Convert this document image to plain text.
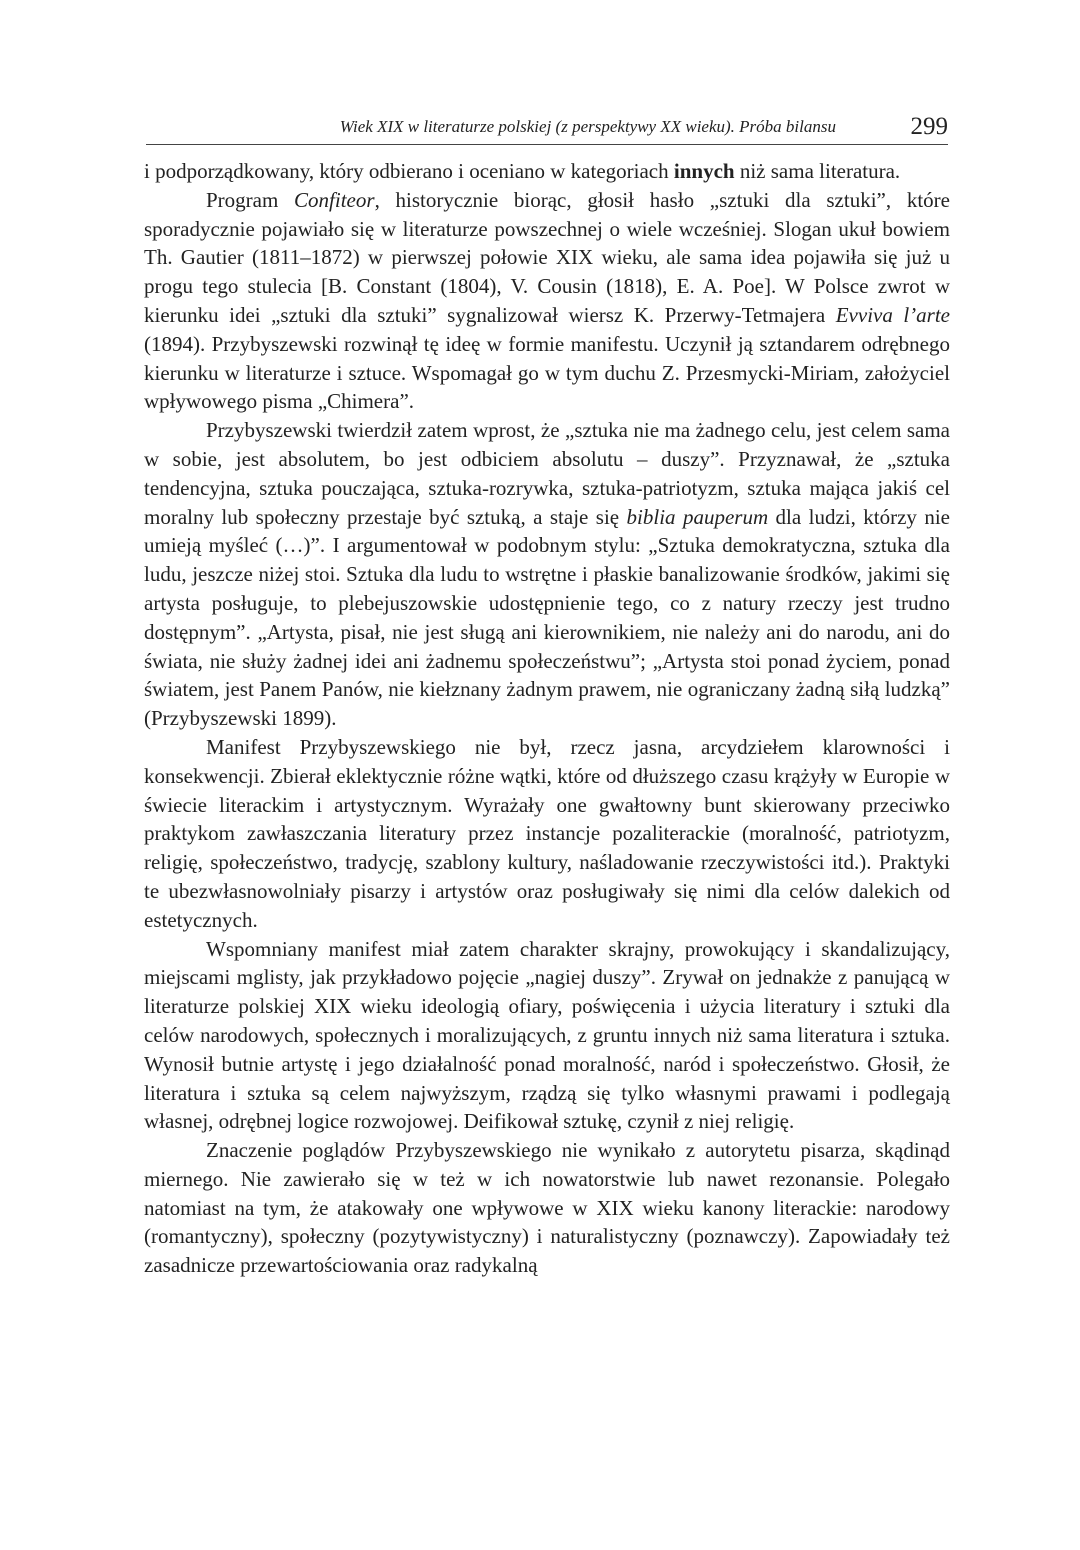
Wiek XIX w literaturze polskiej (z perspektywy XX wieku). Próba bilansu	299

i podporządkowany, który odbierano i oceniano w kategoriach innych niż sama literatura.

Program Confiteor, historycznie biorąc, głosił hasło „sztuki dla sztuki”, które sporadycznie pojawiało się w literaturze powszechnej o wiele wcześniej. Slogan ukuł bowiem Th. Gautier (1811–1872) w pierwszej połowie XIX wieku, ale sama idea pojawiła się już u progu tego stulecia [B. Constant (1804), V. Cousin (1818), E. A. Poe]. W Polsce zwrot w kierunku idei „sztuki dla sztuki” sygnalizował wiersz K. Przerwy-Tetmajera Evviva l’arte (1894). Przybyszewski rozwinął tę ideę w formie manifestu. Uczynił ją sztandarem odrębnego kierunku w literaturze i sztuce. Wspomagał go w tym duchu Z. Przesmycki-Miriam, założyciel wpływowego pisma „Chimera”.

Przybyszewski twierdził zatem wprost, że „sztuka nie ma żadnego celu, jest celem sama w sobie, jest absolutem, bo jest odbiciem absolutu – duszy”. Przyznawał, że „sztuka tendencyjna, sztuka pouczająca, sztuka-rozrywka, sztuka-patriotyzm, sztuka mająca jakiś cel moralny lub społeczny przestaje być sztuką, a staje się biblia pauperum dla ludzi, którzy nie umieją myśleć (…)”. I argumentował w podobnym stylu: „Sztuka demokratyczna, sztuka dla ludu, jeszcze niżej stoi. Sztuka dla ludu to wstrętne i płaskie banalizowanie środków, jakimi się artysta posługuje, to plebejuszowskie udostępnienie tego, co z natury rzeczy jest trudno dostępnym”. „Artysta, pisał, nie jest sługą ani kierownikiem, nie należy ani do narodu, ani do świata, nie służy żadnej idei ani żadnemu społeczeństwu”; „Artysta stoi ponad życiem, ponad światem, jest Panem Panów, nie kiełznany żadnym prawem, nie ograniczany żadną siłą ludzką” (Przybyszewski 1899).

Manifest Przybyszewskiego nie był, rzecz jasna, arcydziełem klarowności i konsekwencji. Zbierał eklektycznie różne wątki, które od dłuższego czasu krążyły w Europie w świecie literackim i artystycznym. Wyrażały one gwałtowny bunt skierowany przeciwko praktykom zawłaszczania literatury przez instancje pozaliterackie (moralność, patriotyzm, religię, społeczeństwo, tradycję, szablony kultury, naśladowanie rzeczywistości itd.). Praktyki te ubezwłasnowolniały pisarzy i artystów oraz posługiwały się nimi dla celów dalekich od estetycznych.

Wspomniany manifest miał zatem charakter skrajny, prowokujący i skandalizujący, miejscami mglisty, jak przykładowo pojęcie „nagiej duszy”. Zrywał on jednakże z panującą w literaturze polskiej XIX wieku ideologią ofiary, poświęcenia i użycia literatury i sztuki dla celów narodowych, społecznych i moralizujących, z gruntu innych niż sama literatura i sztuka. Wynosił butnie artystę i jego działalność ponad moralność, naród i społeczeństwo. Głosił, że literatura i sztuka są celem najwyższym, rządzą się tylko własnymi prawami i podlegają własnej, odrębnej logice rozwojowej. Deifikował sztukę, czynił z niej religię.

Znaczenie poglądów Przybyszewskiego nie wynikało z autorytetu pisarza, skądinąd miernego. Nie zawierało się w też w ich nowatorstwie lub nawet rezonansie. Polegało natomiast na tym, że atakowały one wpływowe w XIX wieku kanony literackie: narodowy (romantyczny), społeczny (pozytywistyczny) i naturalistyczny (poznawczy). Zapowiadały też zasadnicze przewartościowania oraz radykalną
